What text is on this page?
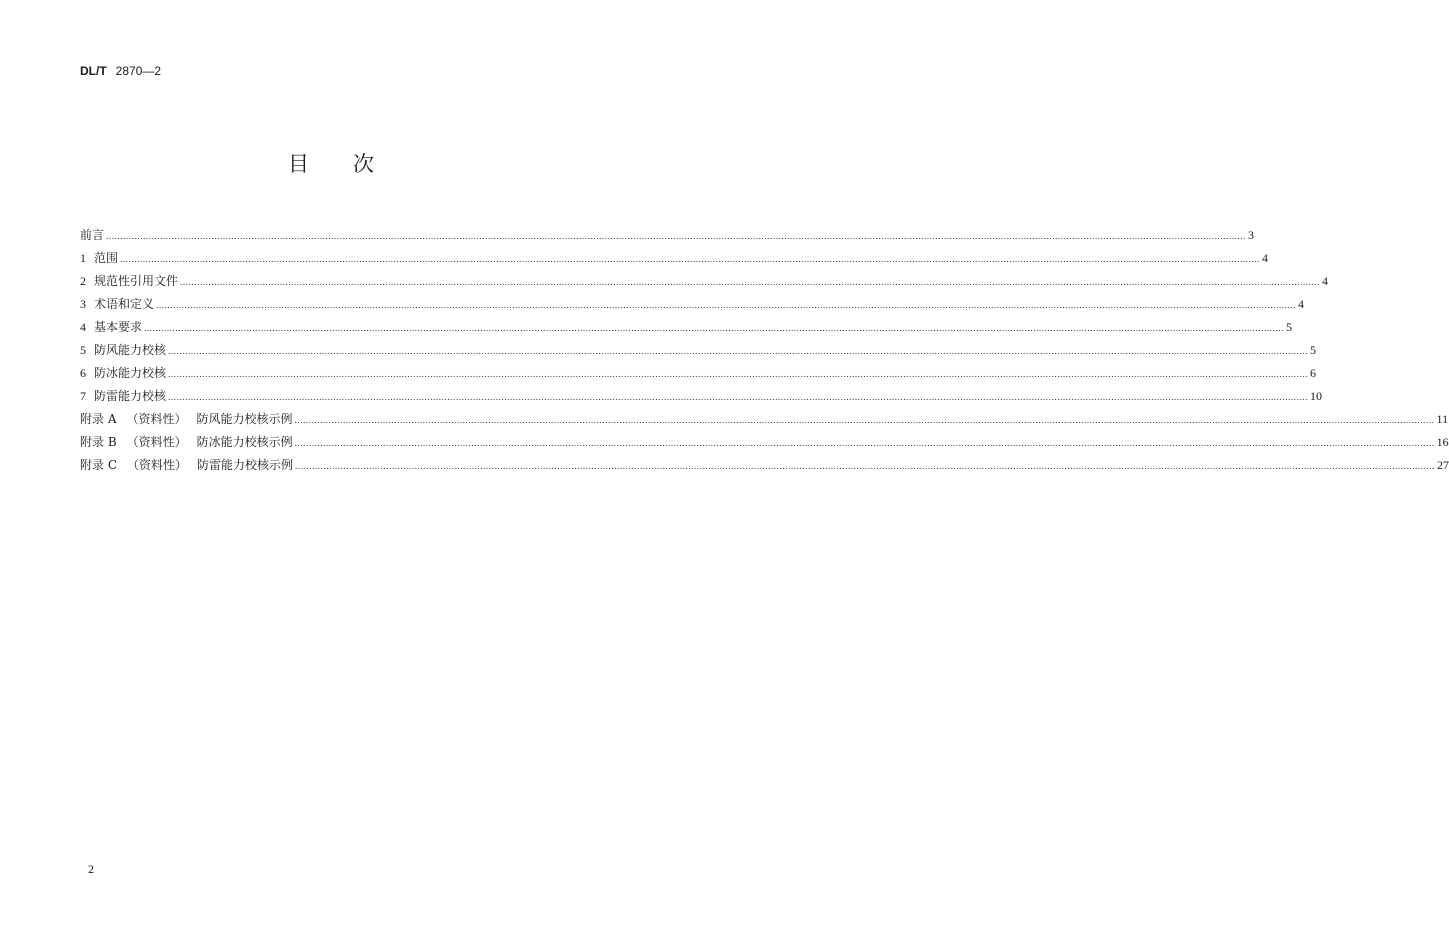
DL/T 2870—2
目 次
前言 ................................................................................................................................................................................................................................................................................................................................................................................................................ 3
1 范围 ................................................................................................................................................................................................................................................................................................................................................................................................................ 4
2 规范性引用文件 ................................................................................................................................................................................................................................................................................................................................................................................................................ 4
3 术语和定义 ................................................................................................................................................................................................................................................................................................................................................................................................................ 4
4 基本要求 ................................................................................................................................................................................................................................................................................................................................................................................................................ 5
5 防风能力校核 ................................................................................................................................................................................................................................................................................................................................................................................................................ 5
6 防冰能力校核 ................................................................................................................................................................................................................................................................................................................................................................................................................ 6
7 防雷能力校核 ................................................................................................................................................................................................................................................................................................................................................................................................................ 10
附录 A （资料性） 防风能力校核示例 ................................................................................................................................................................................................................................................................................................................................................................................................................ 11
附录 B （资料性） 防冰能力校核示例 ................................................................................................................................................................................................................................................................................................................................................................................................................ 16
附录 C （资料性） 防雷能力校核示例 ................................................................................................................................................................................................................................................................................................................................................................................................................ 27
2
